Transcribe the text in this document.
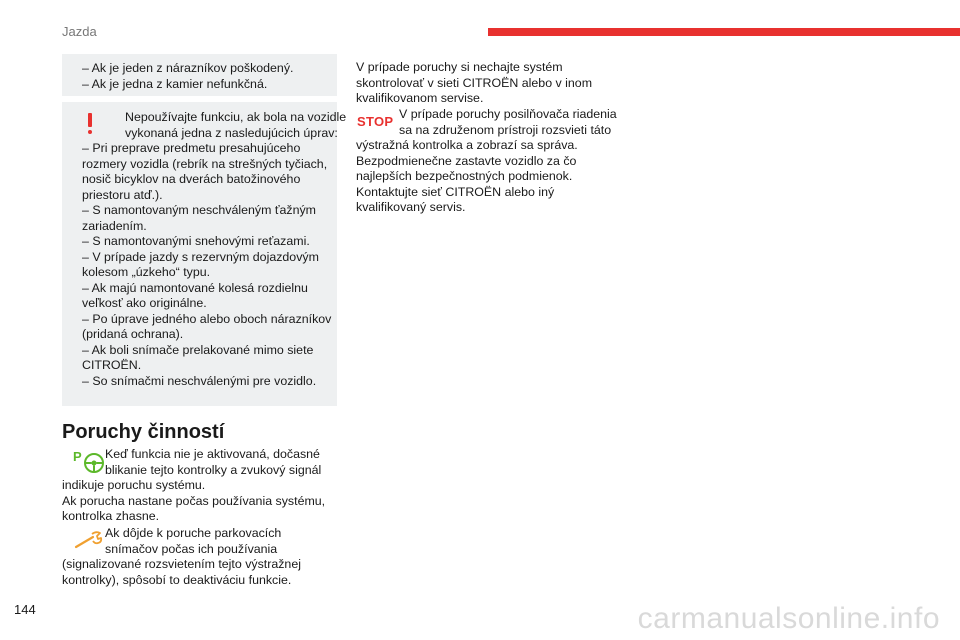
Jazda
– Ak je jeden z nárazníkov poškodený.
– Ak je jedna z kamier nefunkčná.
Nepoužívajte funkciu, ak bola na vozidle
vykonaná jedna z nasledujúcich úprav:
– Pri preprave predmetu presahujúceho
rozmery vozidla (rebrík na strešných tyčiach,
nosič bicyklov na dverách batožinového
priestoru atď.).
– S namontovaným neschváleným ťažným
zariadením.
– S namontovanými snehovými reťazami.
– V prípade jazdy s rezervným dojazdovým
kolesom „úzkeho“ typu.
– Ak majú namontované kolesá rozdielnu
veľkosť ako originálne.
– Po úprave jedného alebo oboch nárazníkov
(pridaná ochrana).
– Ak boli snímače prelakované mimo siete
CITROËN.
– So snímačmi neschválenými pre vozidlo.
Poruchy činností
P	Keď funkcia nie je aktivovaná, dočasné
blikanie tejto kontrolky a zvukový signál
indikuje poruchu systému.
Ak porucha nastane počas používania systému,
kontrolka zhasne.
Ak dôjde k poruche parkovacích
snímačov počas ich používania
(signalizované rozsvietením tejto výstražnej
kontrolky), spôsobí to deaktiváciu funkcie.
V prípade poruchy si nechajte systém
skontrolovať v sieti CITROËN alebo v inom
kvalifikovanom servise.
STOP V prípade poruchy posilňovača riadenia
sa na združenom prístroji rozsvieti táto
výstražná kontrolka a zobrazí sa správa.
Bezpodmienečne zastavte vozidlo za čo
najlepších bezpečnostných podmienok.
Kontaktujte sieť CITROËN alebo iný
kvalifikovaný servis.
144	carmanualsonline.info
